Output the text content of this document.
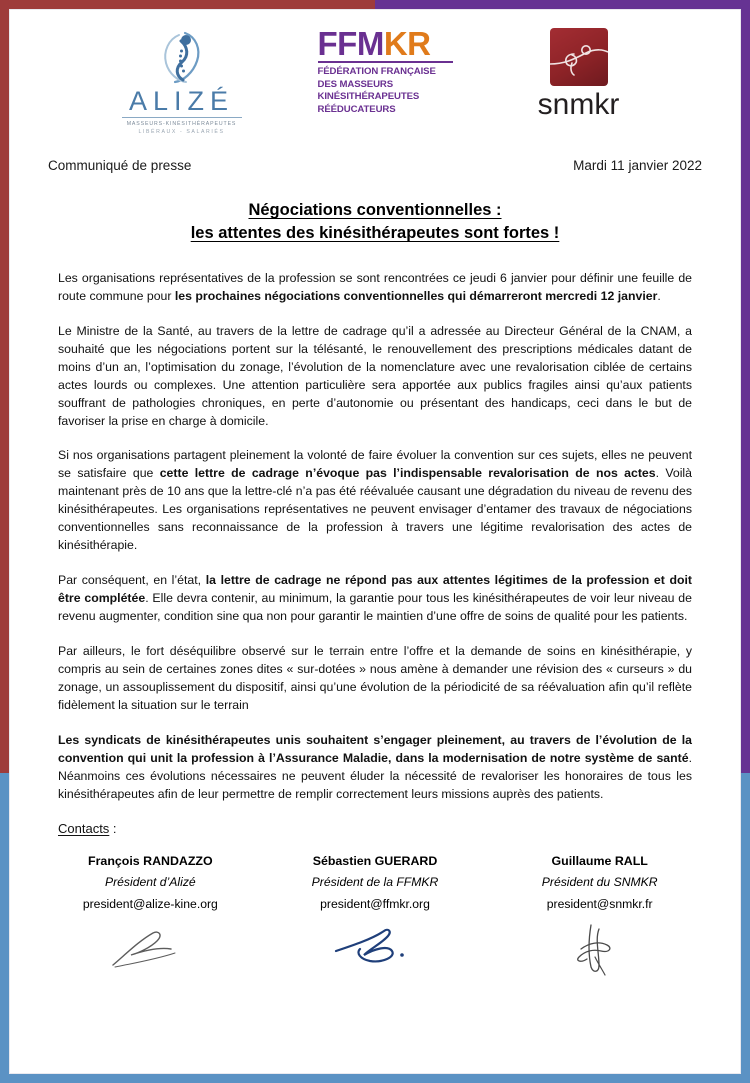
ALIZÉ
MASSEURS-KINÉSITHÉRAPEUTES
LIBÉRAUX - SALARIÉS
FFMKR
FÉDÉRATION FRANÇAISE
DES MASSEURS
KINÉSITHÉRAPEUTES
RÉÉDUCATEURS	snmkr
Communiqué de presse	Mardi 11 janvier 2022
Négociations conventionnelles :
les attentes des kinésithérapeutes sont fortes !

Les organisations représentatives de la profession se sont rencontrées ce jeudi 6 janvier pour définir une feuille de route commune pour les prochaines négociations conventionnelles qui démarreront mercredi 12 janvier.

Le Ministre de la Santé, au travers de la lettre de cadrage qu’il a adressée au Directeur Général de la CNAM, a souhaité que les négociations portent sur la télésanté, le renouvellement des prescriptions médicales datant de moins d’un an, l’optimisation du zonage, l’évolution de la nomenclature avec une revalorisation ciblée de certains actes lourds ou complexes. Une attention particulière sera apportée aux publics fragiles ainsi qu’aux patients souffrant de pathologies chroniques, en perte d’autonomie ou présentant des handicaps, ceci dans le but de favoriser la prise en charge à domicile.

Si nos organisations partagent pleinement la volonté de faire évoluer la convention sur ces sujets, elles ne peuvent se satisfaire que cette lettre de cadrage n’évoque pas l’indispensable revalorisation de nos actes. Voilà maintenant près de 10 ans que la lettre-clé n’a pas été réévaluée causant une dégradation du niveau de revenu des kinésithérapeutes. Les organisations représentatives ne peuvent envisager d’entamer des travaux de négociations conventionnelles sans reconnaissance de la profession à travers une légitime revalorisation des actes de kinésithérapie.

Par conséquent, en l’état, la lettre de cadrage ne répond pas aux attentes légitimes de la profession et doit être complétée. Elle devra contenir, au minimum, la garantie pour tous les kinésithérapeutes de voir leur niveau de revenu augmenter, condition sine qua non pour garantir le maintien d’une offre de soins de qualité pour les patients.

Par ailleurs, le fort déséquilibre observé sur le terrain entre l’offre et la demande de soins en kinésithérapie, y compris au sein de certaines zones dites « sur-dotées » nous amène à demander une révision des « curseurs » du zonage, un assouplissement du dispositif, ainsi qu’une évolution de la périodicité de sa réévaluation afin qu’il reflète fidèlement la situation sur le terrain

Les syndicats de kinésithérapeutes unis souhaitent s’engager pleinement, au travers de l’évolution de la convention qui unit la profession à l’Assurance Maladie, dans la modernisation de notre système de santé. Néanmoins ces évolutions nécessaires ne peuvent éluder la nécessité de revaloriser les honoraires de tous les kinésithérapeutes afin de leur permettre de remplir correctement leurs missions auprès des patients.

Contacts :
François RANDAZZO
Président d’Alizé
president@alize-kine.org
Sébastien GUERARD
Président de la FFMKR
president@ffmkr.org
Guillaume RALL
Président du SNMKR
president@snmkr.fr
